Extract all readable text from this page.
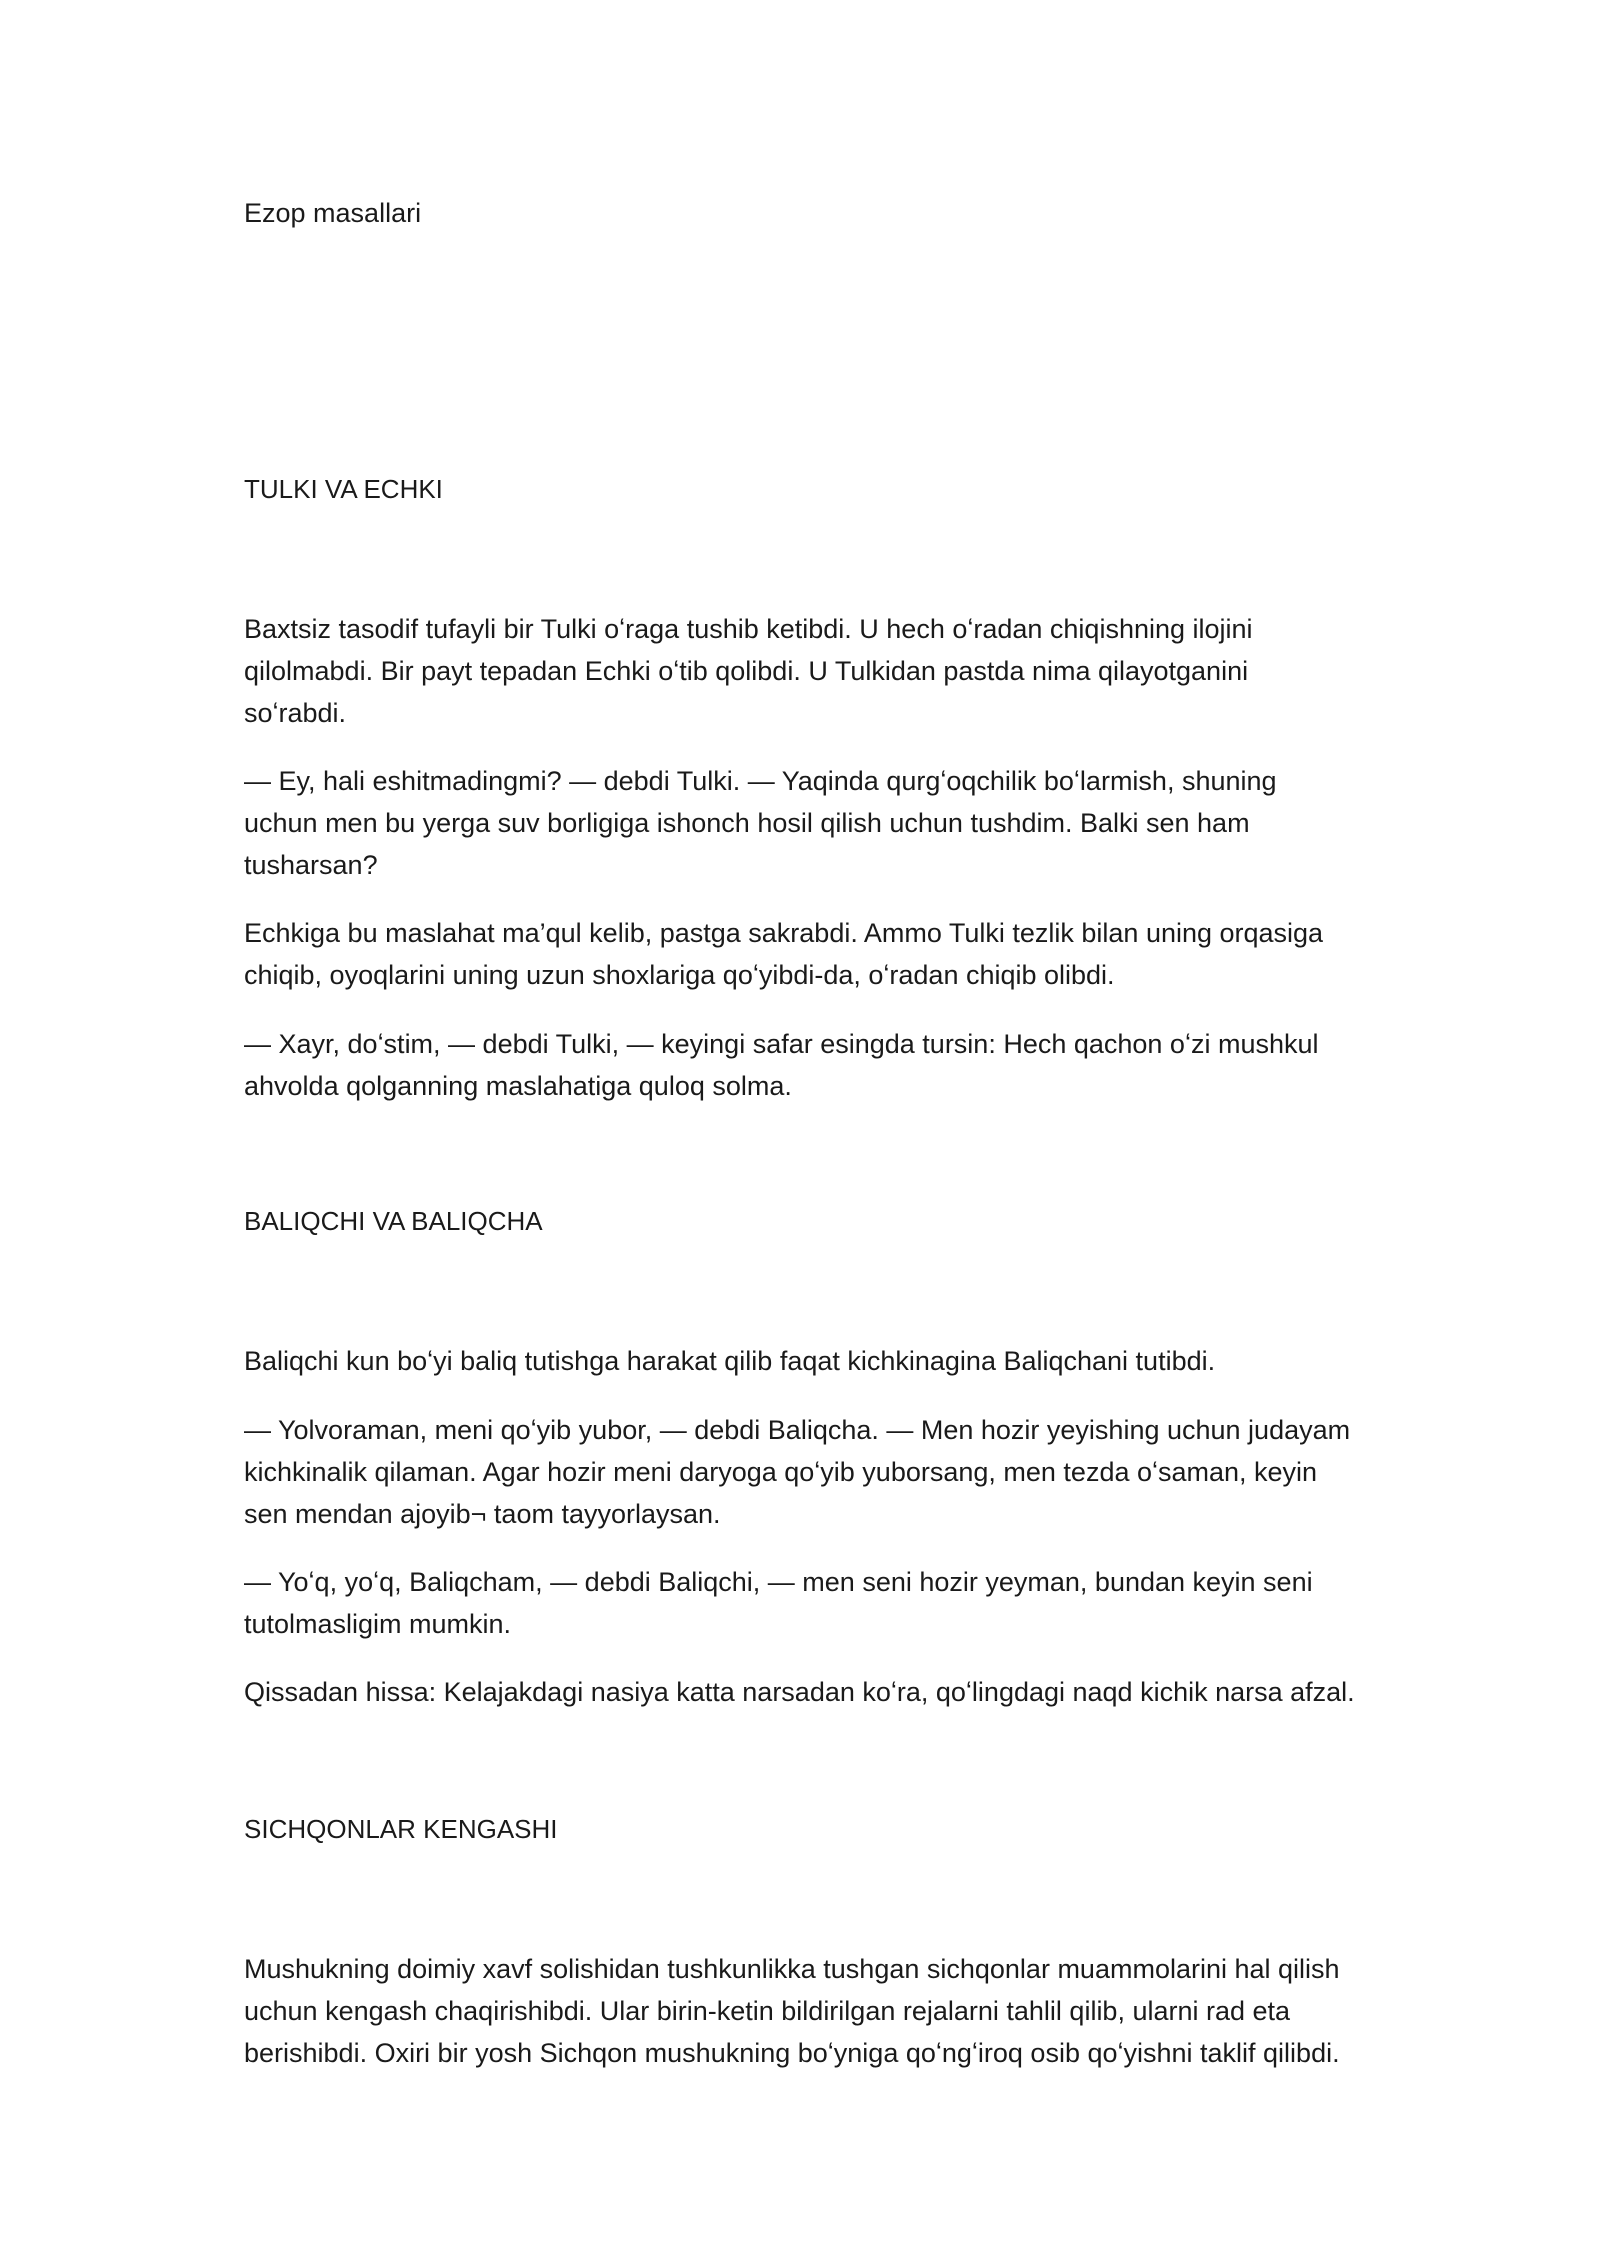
Ezop masallari
TULKI VA ECHKI
Baxtsiz tasodif tufayli bir Tulki oʻraga tushib ketibdi. U hech oʻradan chiqishning ilojini
qilolmabdi. Bir payt tepadan Echki oʻtib qolibdi. U Tulkidan pastda nima qilayotganini
soʻrabdi.
— Ey, hali eshitmadingmi? — debdi Tulki. — Yaqinda qurgʻoqchilik boʻlarmish, shuning
uchun men bu yerga suv borligiga ishonch hosil qilish uchun tushdim. Balki sen ham
tusharsan?
Echkiga bu maslahat ma’qul kelib, pastga sakrabdi. Ammo Tulki tezlik bilan uning orqasiga
chiqib, oyoqlarini uning uzun shoxlariga qoʻyibdi-da, oʻradan chiqib olibdi.
— Xayr, doʻstim, — debdi Tulki, — keyingi safar esingda tursin: Hech qachon oʻzi mushkul
ahvolda qolganning maslahatiga quloq solma.
BALIQCHI VA BALIQCHA
Baliqchi kun boʻyi baliq tutishga harakat qilib faqat kichkinagina Baliqchani tutibdi.
— Yolvoraman, meni qoʻyib yubor, — debdi Baliqcha. — Men hozir yeyishing uchun judayam
kichkinalik qilaman. Agar hozir meni daryoga qoʻyib yuborsang, men tezda oʻsaman, keyin
sen mendan ajoyib¬ taom tayyorlaysan.
— Yoʻq, yoʻq, Baliqcham, — debdi Baliqchi, — men seni hozir yeyman, bundan keyin seni
tutolmasligim mumkin.
Qissadan hissa: Kelajakdagi nasiya katta narsadan koʻra, qoʻlingdagi naqd kichik narsa afzal.
SICHQONLAR KENGASHI
Mushukning doimiy xavf solishidan tushkunlikka tushgan sichqonlar muammolarini hal qilish
uchun kengash chaqirishibdi. Ular birin-ketin bildirilgan rejalarni tahlil qilib, ularni rad eta
berishibdi. Oxiri bir yosh Sichqon mushukning boʻyniga qoʻngʻiroq osib qoʻyishni taklif qilibdi.
